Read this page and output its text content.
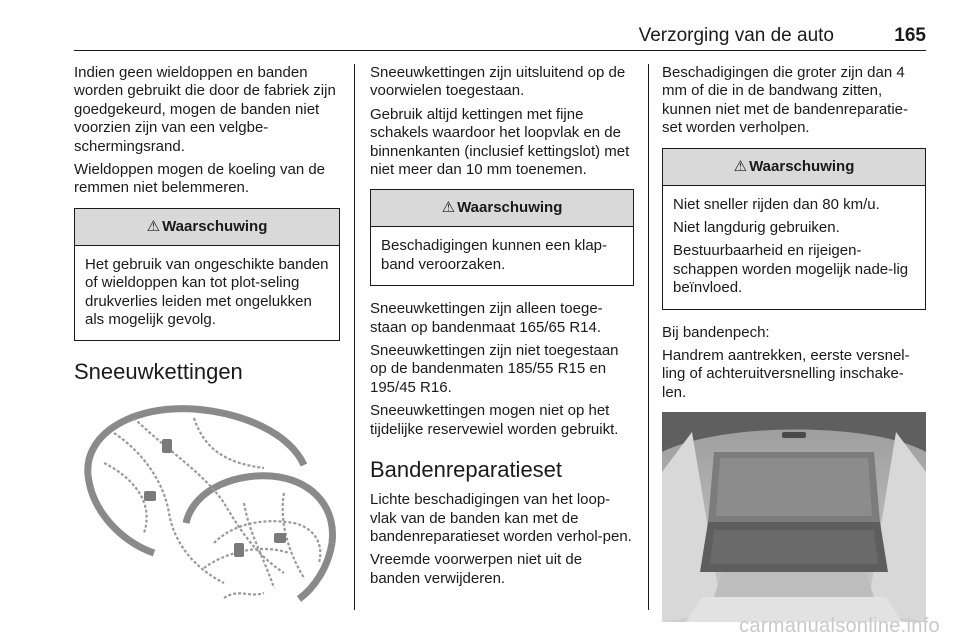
Verzorging van de auto	165

Indien geen wieldoppen en banden worden gebruikt die door de fabriek zijn goedgekeurd, mogen de banden niet voorzien zijn van een velgbe-schermingsrand.

Wieldoppen mogen de koeling van de remmen niet belemmeren.

⚠ Waarschuwing

Het gebruik van ongeschikte banden of wieldoppen kan tot plot-seling drukverlies leiden met ongelukken als mogelijk gevolg.

Sneeuwkettingen

Sneeuwkettingen zijn uitsluitend op de voorwielen toegestaan.

Gebruik altijd kettingen met fijne schakels waardoor het loopvlak en de binnenkanten (inclusief kettingslot) met niet meer dan 10 mm toenemen.

⚠ Waarschuwing

Beschadigingen kunnen een klap-band veroorzaken.

Sneeuwkettingen zijn alleen toege-staan op bandenmaat 165/65 R14.

Sneeuwkettingen zijn niet toegestaan op de bandenmaten 185/55 R15 en 195/45 R16.

Sneeuwkettingen mogen niet op het tijdelijke reservewiel worden gebruikt.

Bandenreparatieset

Lichte beschadigingen van het loop-vlak van de banden kan met de bandenreparatieset worden verhol-pen.

Vreemde voorwerpen niet uit de banden verwijderen.

Beschadigingen die groter zijn dan 4 mm of die in de bandwang zitten, kunnen niet met de bandenreparatie-set worden verholpen.

⚠ Waarschuwing

Niet sneller rijden dan 80 km/u.

Niet langdurig gebruiken.

Bestuurbaarheid en rijeigen-schappen worden mogelijk nade-lig beïnvloed.

Bij bandenpech:

Handrem aantrekken, eerste versnel-ling of achteruitversnelling inschake-len.

carmanualsonline.info
